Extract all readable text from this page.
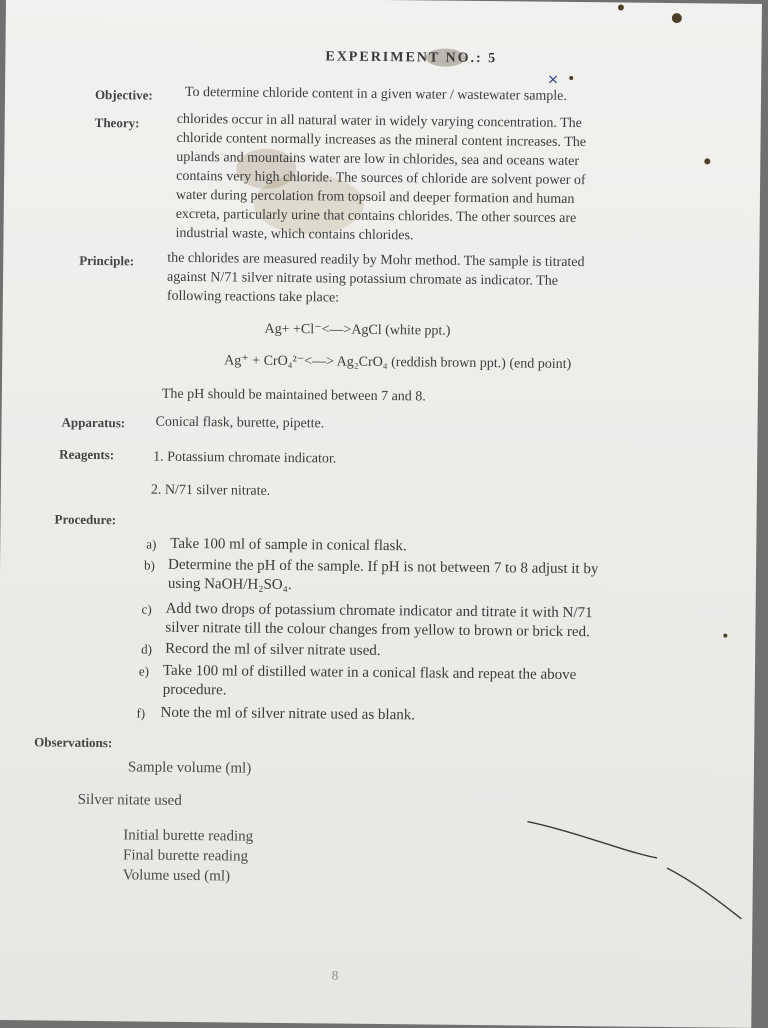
EXPERIMENT NO.: 5
×
Objective: To determine chloride content in a given water / wastewater sample.
Theory:	chlorides occur in all natural water in widely varying concentration. The

chloride content normally increases as the mineral content increases. The

uplands and mountains water are low in chlorides, sea and oceans water

contains very high chloride. The sources of chloride are solvent power of

water during percolation from topsoil and deeper formation and human

excreta, particularly urine that contains chlorides. The other sources are

industrial waste, which contains chlorides.

Principle: the chlorides are measured readily by Mohr method. The sample is titrated

against N/71 silver nitrate using potassium chromate as indicator. The

following reactions take place:

Ag+ +Cl⁻<—>AgCl (white ppt.)
Ag⁺ + CrO₄²⁻<—> Ag₂CrO₄ (reddish brown ppt.) (end point)
The pH should be maintained between 7 and 8.
Apparatus: Conical flask, burette, pipette.
Reagents:	1. Potassium chromate indicator.
2. N/71 silver nitrate.
Procedure:
a) Take 100 ml of sample in conical flask.
b) Determine the pH of the sample. If pH is not between 7 to 8 adjust it by
using NaOH/H₂SO₄.
c) Add two drops of potassium chromate indicator and titrate it with N/71
silver nitrate till the colour changes from yellow to brown or brick red.
d) Record the ml of silver nitrate used.
e) Take 100 ml of distilled water in a conical flask and repeat the above
procedure.
f) Note the ml of silver nitrate used as blank.
Observations:
Sample volume (ml)
Silver nitate used
Initial burette reading
Final burette reading
Volume used (ml)
8
